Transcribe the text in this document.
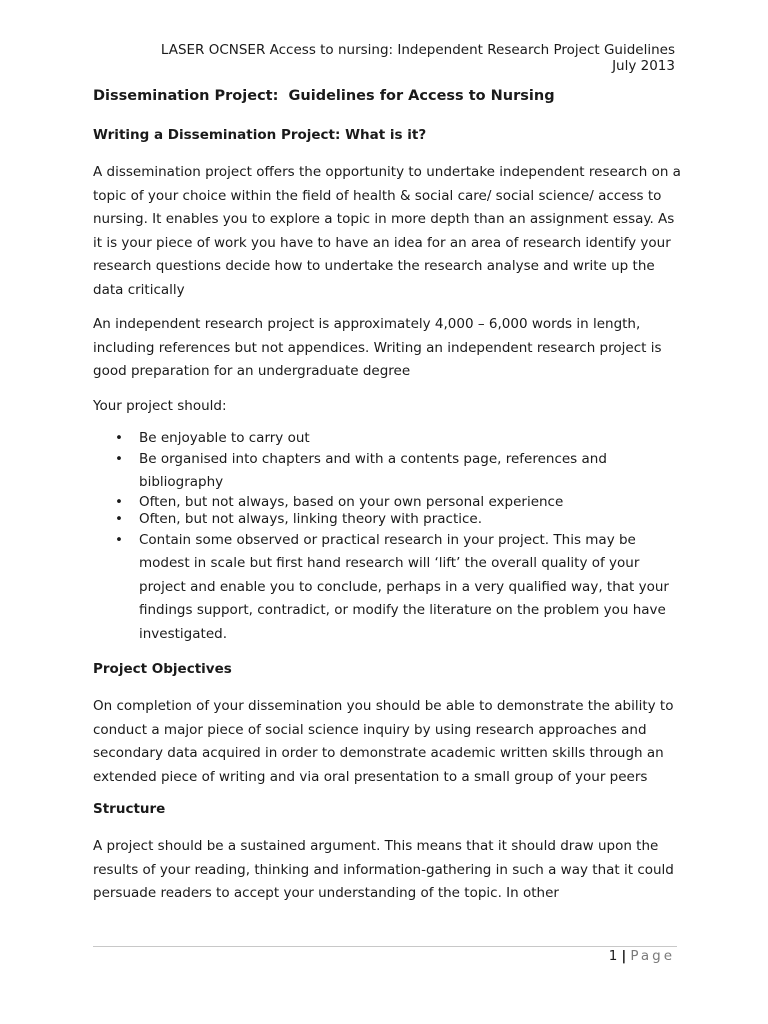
LASER OCNSER Access to nursing: Independent Research Project Guidelines
July 2013
Dissemination Project: Guidelines for Access to Nursing
Writing a Dissemination Project: What is it?

A dissemination project offers the opportunity to undertake independent research on a topic of your choice within the field of health & social care/ social science/ access to nursing. It enables you to explore a topic in more depth than an assignment essay. As it is your piece of work you have to have an idea for an area of research identify your research questions decide how to undertake the research analyse and write up the data critically

An independent research project is approximately 4,000 – 6,000 words in length, including references but not appendices. Writing an independent research project is good preparation for an undergraduate degree

Your project should:

• Be enjoyable to carry out
• Be organised into chapters and with a contents page, references and bibliography
• Often, but not always, based on your own personal experience
• Often, but not always, linking theory with practice.
• Contain some observed or practical research in your project. This may be modest in scale but first hand research will ‘lift’ the overall quality of your project and enable you to conclude, perhaps in a very qualified way, that your findings support, contradict, or modify the literature on the problem you have investigated.
Project Objectives

On completion of your dissemination you should be able to demonstrate the ability to conduct a major piece of social science inquiry by using research approaches and secondary data acquired in order to demonstrate academic written skills through an extended piece of writing and via oral presentation to a small group of your peers

Structure

A project should be a sustained argument. This means that it should draw upon the results of your reading, thinking and information-gathering in such a way that it could persuade readers to accept your understanding of the topic. In other

1 | Page
